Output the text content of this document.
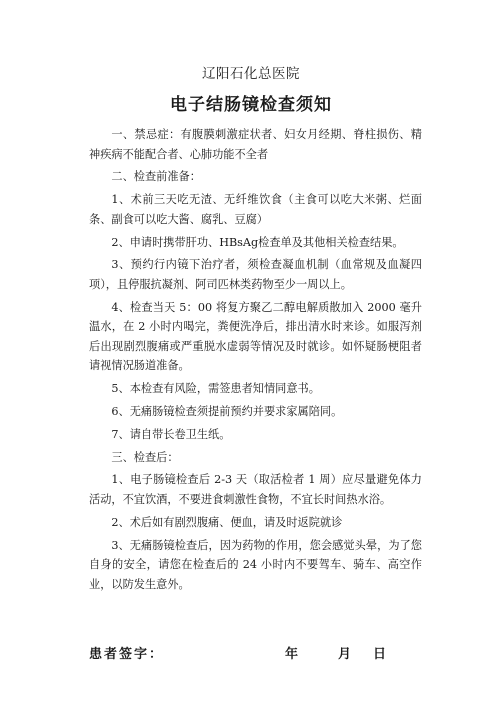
辽阳石化总医院
电子结肠镜检查须知

一、禁忌症：有腹膜刺激症状者、妇女月经期、脊柱损伤、精神疾病不能配合者、心肺功能不全者

二、检查前准备：

1、术前三天吃无渣、无纤维饮食（主食可以吃大米粥、烂面条、副食可以吃大酱、腐乳、豆腐）

2、申请时携带肝功、HBsAg检查单及其他相关检查结果。

3、预约行内镜下治疗者，须检查凝血机制（血常规及血凝四项），且停服抗凝剂、阿司匹林类药物至少一周以上。

4、检查当天 5：00 将复方聚乙二醇电解质散加入 2000 毫升温水，在 2 小时内喝完，粪便洗净后，排出清水时来诊。如服泻剂后出现剧烈腹痛或严重脱水虚弱等情况及时就诊。如怀疑肠梗阻者请视情况肠道准备。

5、本检查有风险，需签患者知情同意书。

6、无痛肠镜检查须提前预约并要求家属陪同。

7、请自带长卷卫生纸。

三、检查后：

1、电子肠镜检查后 2-3 天（取活检者 1 周）应尽量避免体力活动，不宜饮酒，不要进食刺激性食物，不宜长时间热水浴。

2、术后如有剧烈腹痛、便血，请及时返院就诊

3、无痛肠镜检查后，因为药物的作用，您会感觉头晕，为了您自身的安全，请您在检查后的 24 小时内不要驾车、骑车、高空作业，以防发生意外。

患者签字：	年	月 日
